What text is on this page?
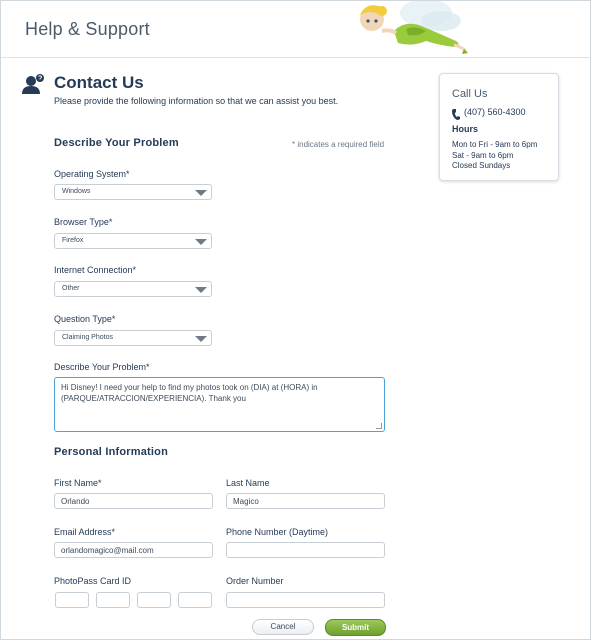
Help & Support
Contact Us
Please provide the following information so that we can assist you best.
Describe Your Problem	* indicates a required field
Operating System*
Windows
Browser Type*
Firefox
Internet Connection*
Other
Question Type*
Claiming Photos
Describe Your Problem*
Hi Disney! I need your help to find my photos took on (DIA) at (HORA) in (PARQUE/ATRACCION/EXPERIENCIA). Thank you
Personal Information
First Name*
Orlando
Last Name
Magico
Email Address*
orlandomagico@mail.com
Phone Number (Daytime)
PhotoPass Card ID	Order Number
Cancel	Submit
Call Us
(407) 560-4300
Hours
Mon to Fri - 9am to 6pm
Sat - 9am to 6pm
Closed Sundays
